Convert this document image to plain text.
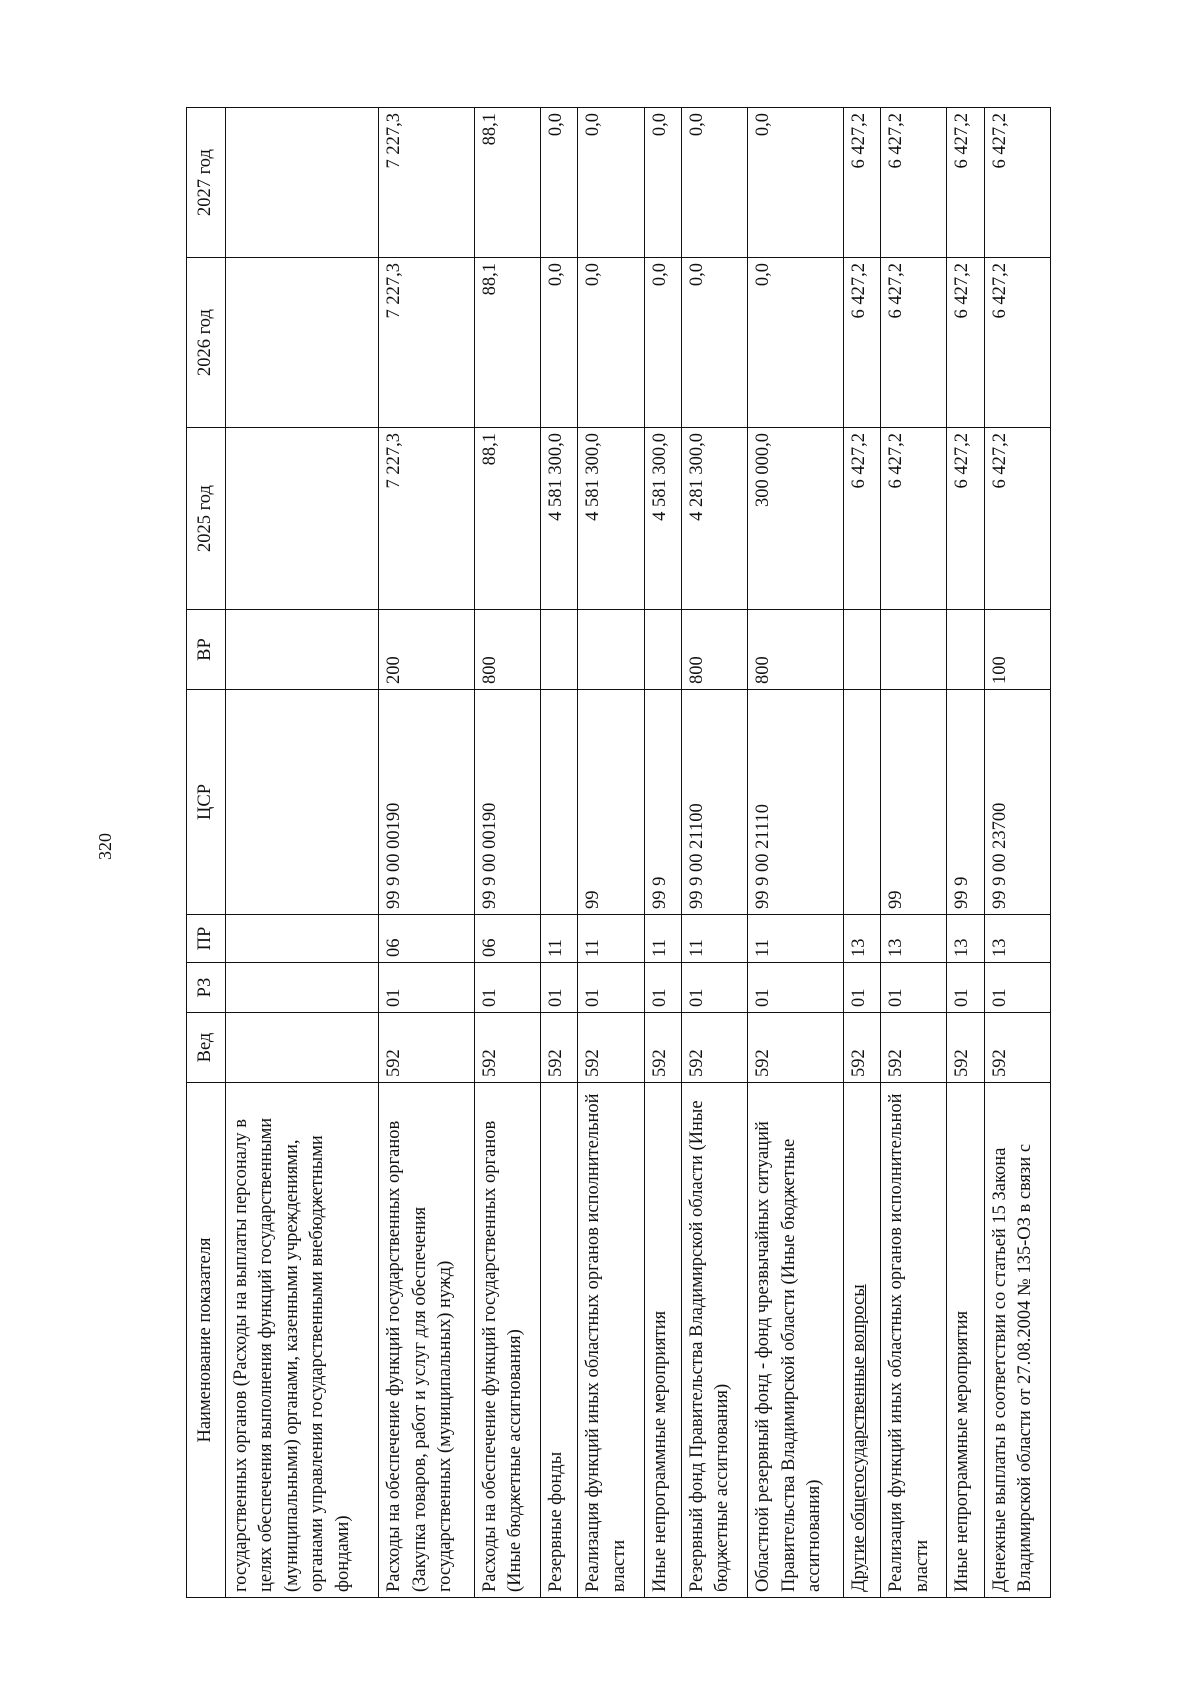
320
Наименование показателя	Вед	РЗ	ПР	ЦСР	ВР	2025 год	2026 год	2027 год
государственных органов (Расходы на выплаты персоналу в целях обеспечения выполнения функций государственными (муниципальными) органами, казенными учреждениями, органами управления государственными внебюджетными фондами)								
Расходы на обеспечение функций государственных органов (Закупка товаров, работ и услуг для обеспечения государственных (муниципальных) нужд)	592	01	06	99 9 00 00190	200	7 227,3	7 227,3	7 227,3
Расходы на обеспечение функций государственных органов (Иные бюджетные ассигнования)	592	01	06	99 9 00 00190	800	88,1	88,1	88,1
Резервные фонды	592	01	11			4 581 300,0	0,0	0,0
Реализация функций иных областных органов исполнительной власти	592	01	11	99		4 581 300,0	0,0	0,0
Иные непрограммные мероприятия	592	01	11	99 9		4 581 300,0	0,0	0,0
Резервный фонд Правительства Владимирской области (Иные бюджетные ассигнования)	592	01	11	99 9 00 21100	800	4 281 300,0	0,0	0,0
Областной резервный фонд - фонд чрезвычайных ситуаций Правительства Владимирской области (Иные бюджетные ассигнования)	592	01	11	99 9 00 21110	800	300 000,0	0,0	0,0
Другие общегосударственные вопросы	592	01	13			6 427,2	6 427,2	6 427,2
Реализация функций иных областных органов исполнительной власти	592	01	13	99		6 427,2	6 427,2	6 427,2
Иные непрограммные мероприятия	592	01	13	99 9		6 427,2	6 427,2	6 427,2
Денежные выплаты в соответствии со статьей 15 Закона Владимирской области от 27.08.2004 № 135-ОЗ в связи с	592	01	13	99 9 00 23700	100	6 427,2	6 427,2	6 427,2
